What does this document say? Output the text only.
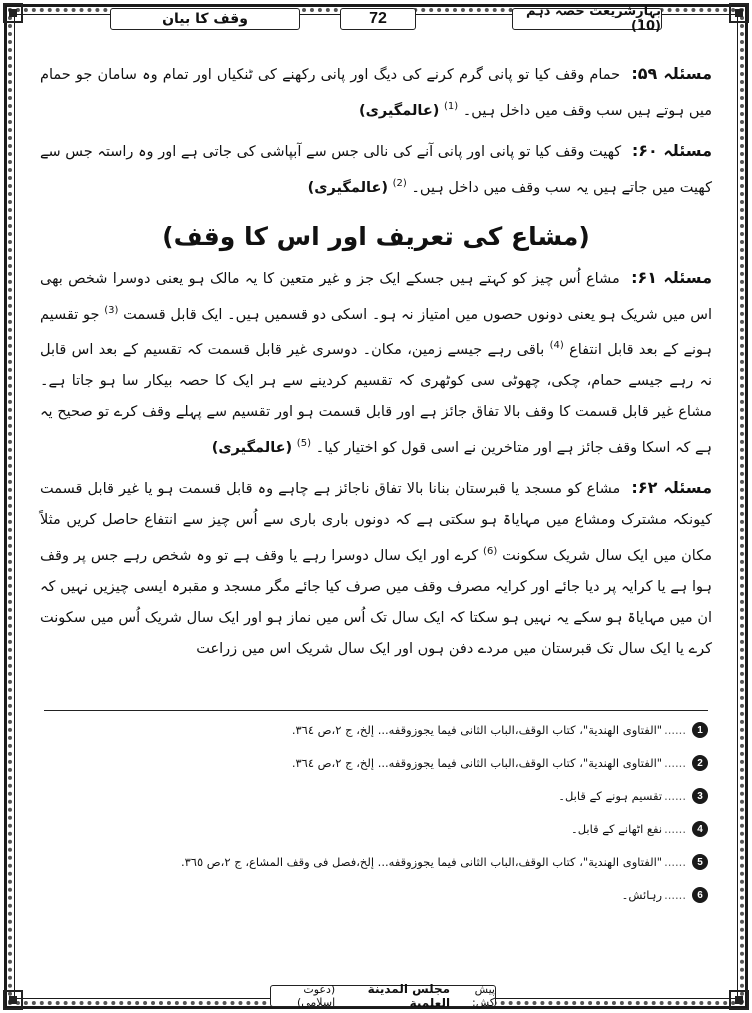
بہارِشریعت حصہ دہم (10)
72
وقف کا بیان

مسئلہ ۵۹: حمام وقف کیا تو پانی گرم کرنے کی دیگ اور پانی رکھنے کی ٹنکیاں اور تمام وہ سامان جو حمام میں ہوتے ہیں سب وقف میں داخل ہیں۔ $^{(1)}$ (عالمگیری)

مسئلہ ۶۰: کھیت وقف کیا تو پانی اور پانی آنے کی نالی جس سے آبپاشی کی جاتی ہے اور وہ راستہ جس سے کھیت میں جاتے ہیں یہ سب وقف میں داخل ہیں۔ $^{(2)}$ (عالمگیری)

(مشاع کی تعریف اور اس کا وقف)

مسئلہ ۶۱: مشاع اُس چیز کو کہتے ہیں جسکے ایک جز و غیر متعین کا یہ مالک ہو یعنی دوسرا شخص بھی اس میں شریک ہو یعنی دونوں حصوں میں امتیاز نہ ہو۔ اسکی دو قسمیں ہیں۔ ایک قابل قسمت $^{(3)}$ جو تقسیم ہونے کے بعد قابل انتفاع $^{(4)}$ باقی رہے جیسے زمین، مکان۔ دوسری غیر قابل قسمت کہ تقسیم کے بعد اس قابل نہ رہے جیسے حمام، چکی، چھوٹی سی کوٹھری کہ تقسیم کردینے سے ہر ایک کا حصہ بیکار سا ہو جاتا ہے۔ مشاع غیر قابل قسمت کا وقف بالا تفاق جائز ہے اور قابل قسمت ہو اور تقسیم سے پہلے وقف کرے تو صحیح یہ ہے کہ اسکا وقف جائز ہے اور متاخرین نے اسی قول کو اختیار کیا۔ $^{(5)}$ (عالمگیری)

مسئلہ ۶۲: مشاع کو مسجد یا قبرستان بنانا بالا تفاق ناجائز ہے چاہے وہ قابل قسمت ہو یا غیر قابل قسمت کیونکہ مشترک ومشاع میں مہایاۃ ہو سکتی ہے کہ دونوں باری باری سے اُس چیز سے انتفاع حاصل کریں مثلاً مکان میں ایک سال شریک سکونت $^{(6)}$ کرے اور ایک سال دوسرا رہے یا وقف ہے تو وہ شخص رہے جس پر وقف ہوا ہے یا کرایہ پر دیا جائے اور کرایہ مصرف وقف میں صرف کیا جائے مگر مسجد و مقبرہ ایسی چیزیں نہیں کہ ان میں مہایاۃ ہو سکے یہ نہیں ہو سکتا کہ ایک سال تک اُس میں نماز ہو اور ایک سال شریک اُس میں سکونت کرے یا ایک سال تک قبرستان میں مردے دفن ہوں اور ایک سال شریک اس میں زراعت

1
......
"الفتاوى الهندية"، كتاب الوقف،الباب الثانى فيما يجوزوقفه... إلخ، ج ٢،ص ٣٦٤.
2
......
"الفتاوى الهندية"، كتاب الوقف،الباب الثانى فيما يجوزوقفه... إلخ، ج ٢،ص ٣٦٤.
3
......
تقسیم ہونے کے قابل۔
4
......
نفع اٹھانے کے قابل۔
5
......
"الفتاوى الهندية"، كتاب الوقف،الباب الثانى فيما يجوزوقفه... إلخ،فصل فى وقف المشاع، ج ٢،ص ٣٦٥.
6
......
رہائش۔
پیش کش:
مجلس المدينة العلمية
(دعوت اسلامی)
